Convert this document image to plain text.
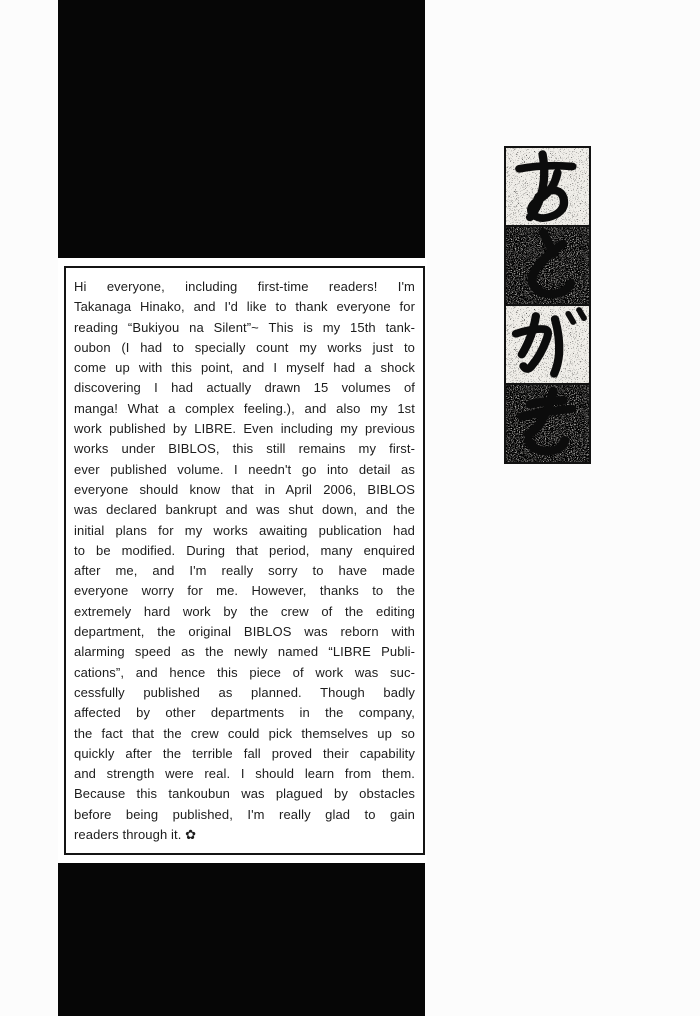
Hi everyone, including first-time readers! I'm
Takanaga Hinako, and I'd like to thank everyone for
reading “Bukiyou na Silent”~ This is my 15th tank-
oubon (I had to specially count my works just to
come up with this point, and I myself had a shock
discovering I had actually drawn 15 volumes of
manga! What a complex feeling.), and also my 1st
work published by LIBRE. Even including my previous
works under BIBLOS, this still remains my first-
ever published volume. I needn't go into detail as
everyone should know that in April 2006, BIBLOS
was declared bankrupt and was shut down, and the
initial plans for my works awaiting publication had
to be modified. During that period, many enquired
after me, and I'm really sorry to have made
everyone worry for me. However, thanks to the
extremely hard work by the crew of the editing
department, the original BIBLOS was reborn with
alarming speed as the newly named “LIBRE Publi-
cations”, and hence this piece of work was suc-
cessfully published as planned. Though badly
affected by other departments in the company,
the fact that the crew could pick themselves up so
quickly after the terrible fall proved their capability
and strength were real. I should learn from them.
Because this tankoubun was plagued by obstacles
before being published, I'm really glad to gain
readers through it. ✿
